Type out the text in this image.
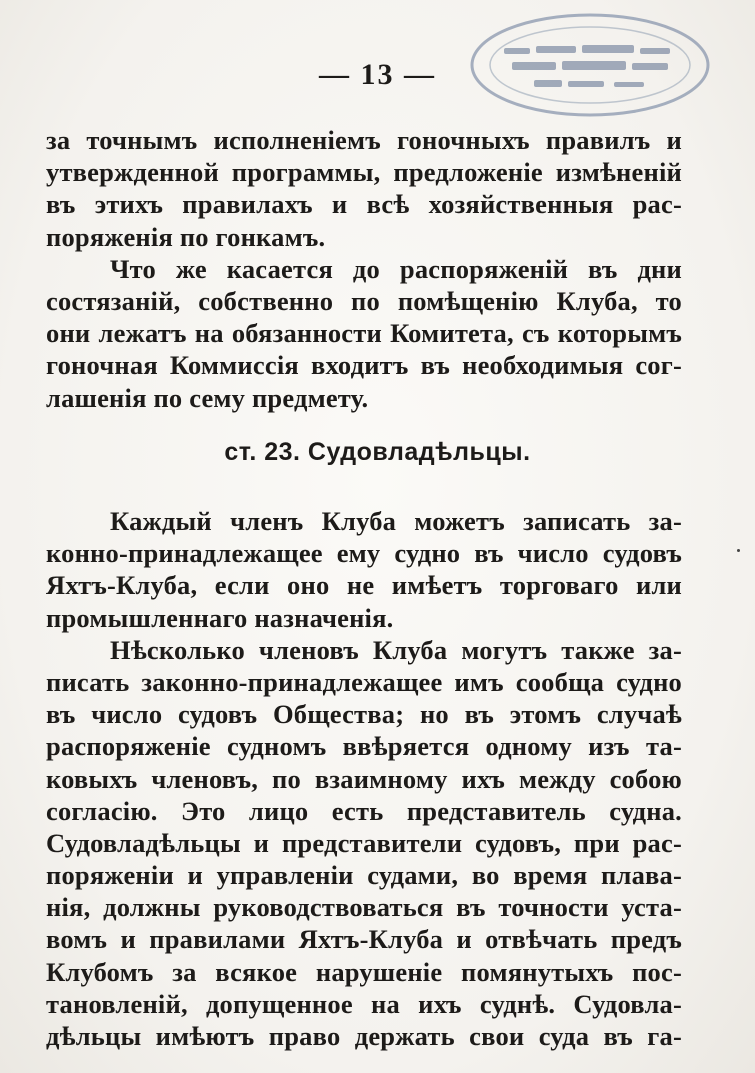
— 13 —
за точнымъ исполненіемъ гоночныхъ правилъ и
утвержденной программы, предложеніе измѣненій
въ этихъ правилахъ и всѣ хозяйственныя рас-
поряженія по гонкамъ.
Что же касается до распоряженій въ дни
состязаній, собственно по помѣщенію Клуба, то
они лежатъ на обязанности Комитета, съ которымъ
гоночная Коммиссія входитъ въ необходимыя сог-
лашенія по сему предмету.
ст. 23. Судовладѣльцы.
Каждый членъ Клуба можетъ записать за-
конно-принадлежащее ему судно въ число судовъ
Яхтъ-Клуба, если оно не имѣетъ торговаго или
промышленнаго назначенія.
Нѣсколько членовъ Клуба могутъ также за-
писать законно-принадлежащее имъ сообща судно
въ число судовъ Общества; но въ этомъ случаѣ
распоряженіе судномъ ввѣряется одному изъ та-
ковыхъ членовъ, по взаимному ихъ между собою
согласію. Это лицо есть представитель судна.
Судовладѣльцы и представители судовъ, при рас-
поряженіи и управленіи судами, во время плава-
нія, должны руководствоваться въ точности уста-
вомъ и правилами Яхтъ-Клуба и отвѣчать предъ
Клубомъ за всякое нарушеніе помянутыхъ пос-
тановленій, допущенное на ихъ суднѣ. Судовла-
дѣльцы имѣютъ право держать свои суда въ га-
